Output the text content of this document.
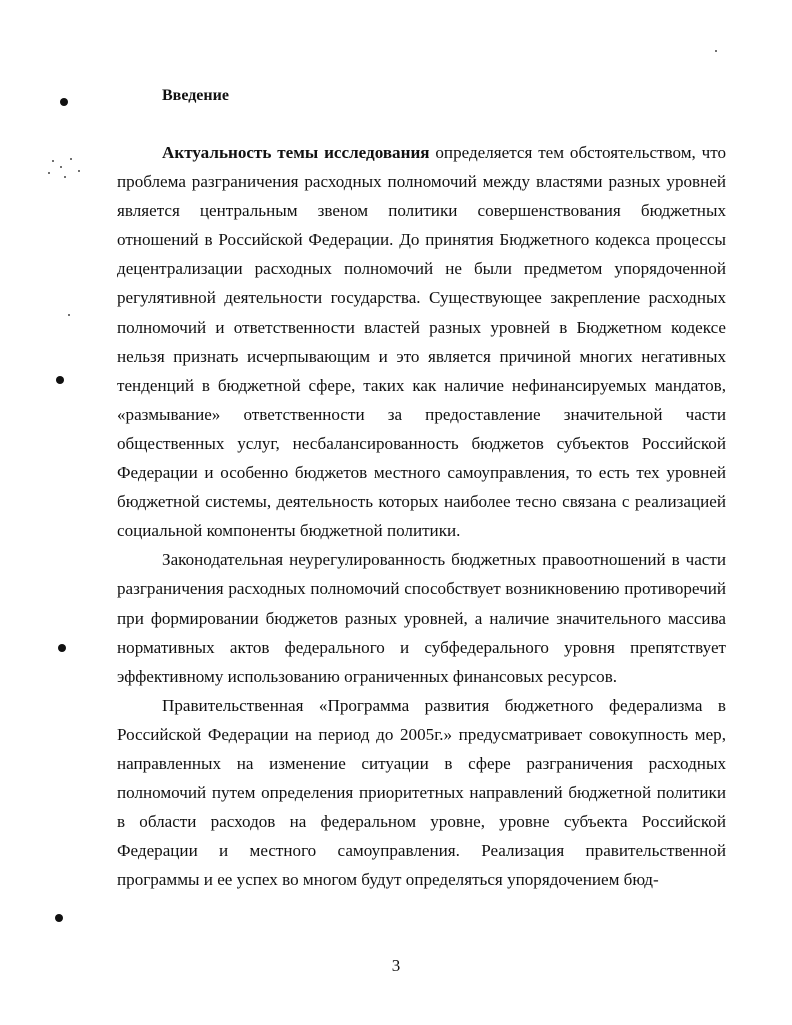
Введение

Актуальность темы исследования определяется тем обстоятельством, что проблема разграничения расходных полномочий между властями разных уровней является центральным звеном политики совершенствования бюджетных отношений в Российской Федерации. До принятия Бюджетного кодекса процессы децентрализации расходных полномочий не были предметом упорядоченной регулятивной деятельности государства. Существующее закрепление расходных полномочий и ответственности властей разных уровней в Бюджетном кодексе нельзя признать исчерпывающим и это является причиной многих негативных тенденций в бюджетной сфере, таких как наличие нефинансируемых мандатов, «размывание» ответственности за предоставление значительной части общественных услуг, несбалансированность бюджетов субъектов Российской Федерации и особенно бюджетов местного самоуправления, то есть тех уровней бюджетной системы, деятельность которых наиболее тесно связана с реализацией социальной компоненты бюджетной политики.

Законодательная неурегулированность бюджетных правоотношений в части разграничения расходных полномочий способствует возникновению противоречий при формировании бюджетов разных уровней, а наличие значительного массива нормативных актов федерального и субфедерального уровня препятствует эффективному использованию ограниченных финансовых ресурсов.

Правительственная «Программа развития бюджетного федерализма в Российской Федерации на период до 2005г.» предусматривает совокупность мер, направленных на изменение ситуации в сфере разграничения расходных полномочий путем определения приоритетных направлений бюджетной политики в области расходов на федеральном уровне, уровне субъекта Российской Федерации и местного самоуправления. Реализация правительственной программы и ее успех во многом будут определяться упорядочением бюд-

3
